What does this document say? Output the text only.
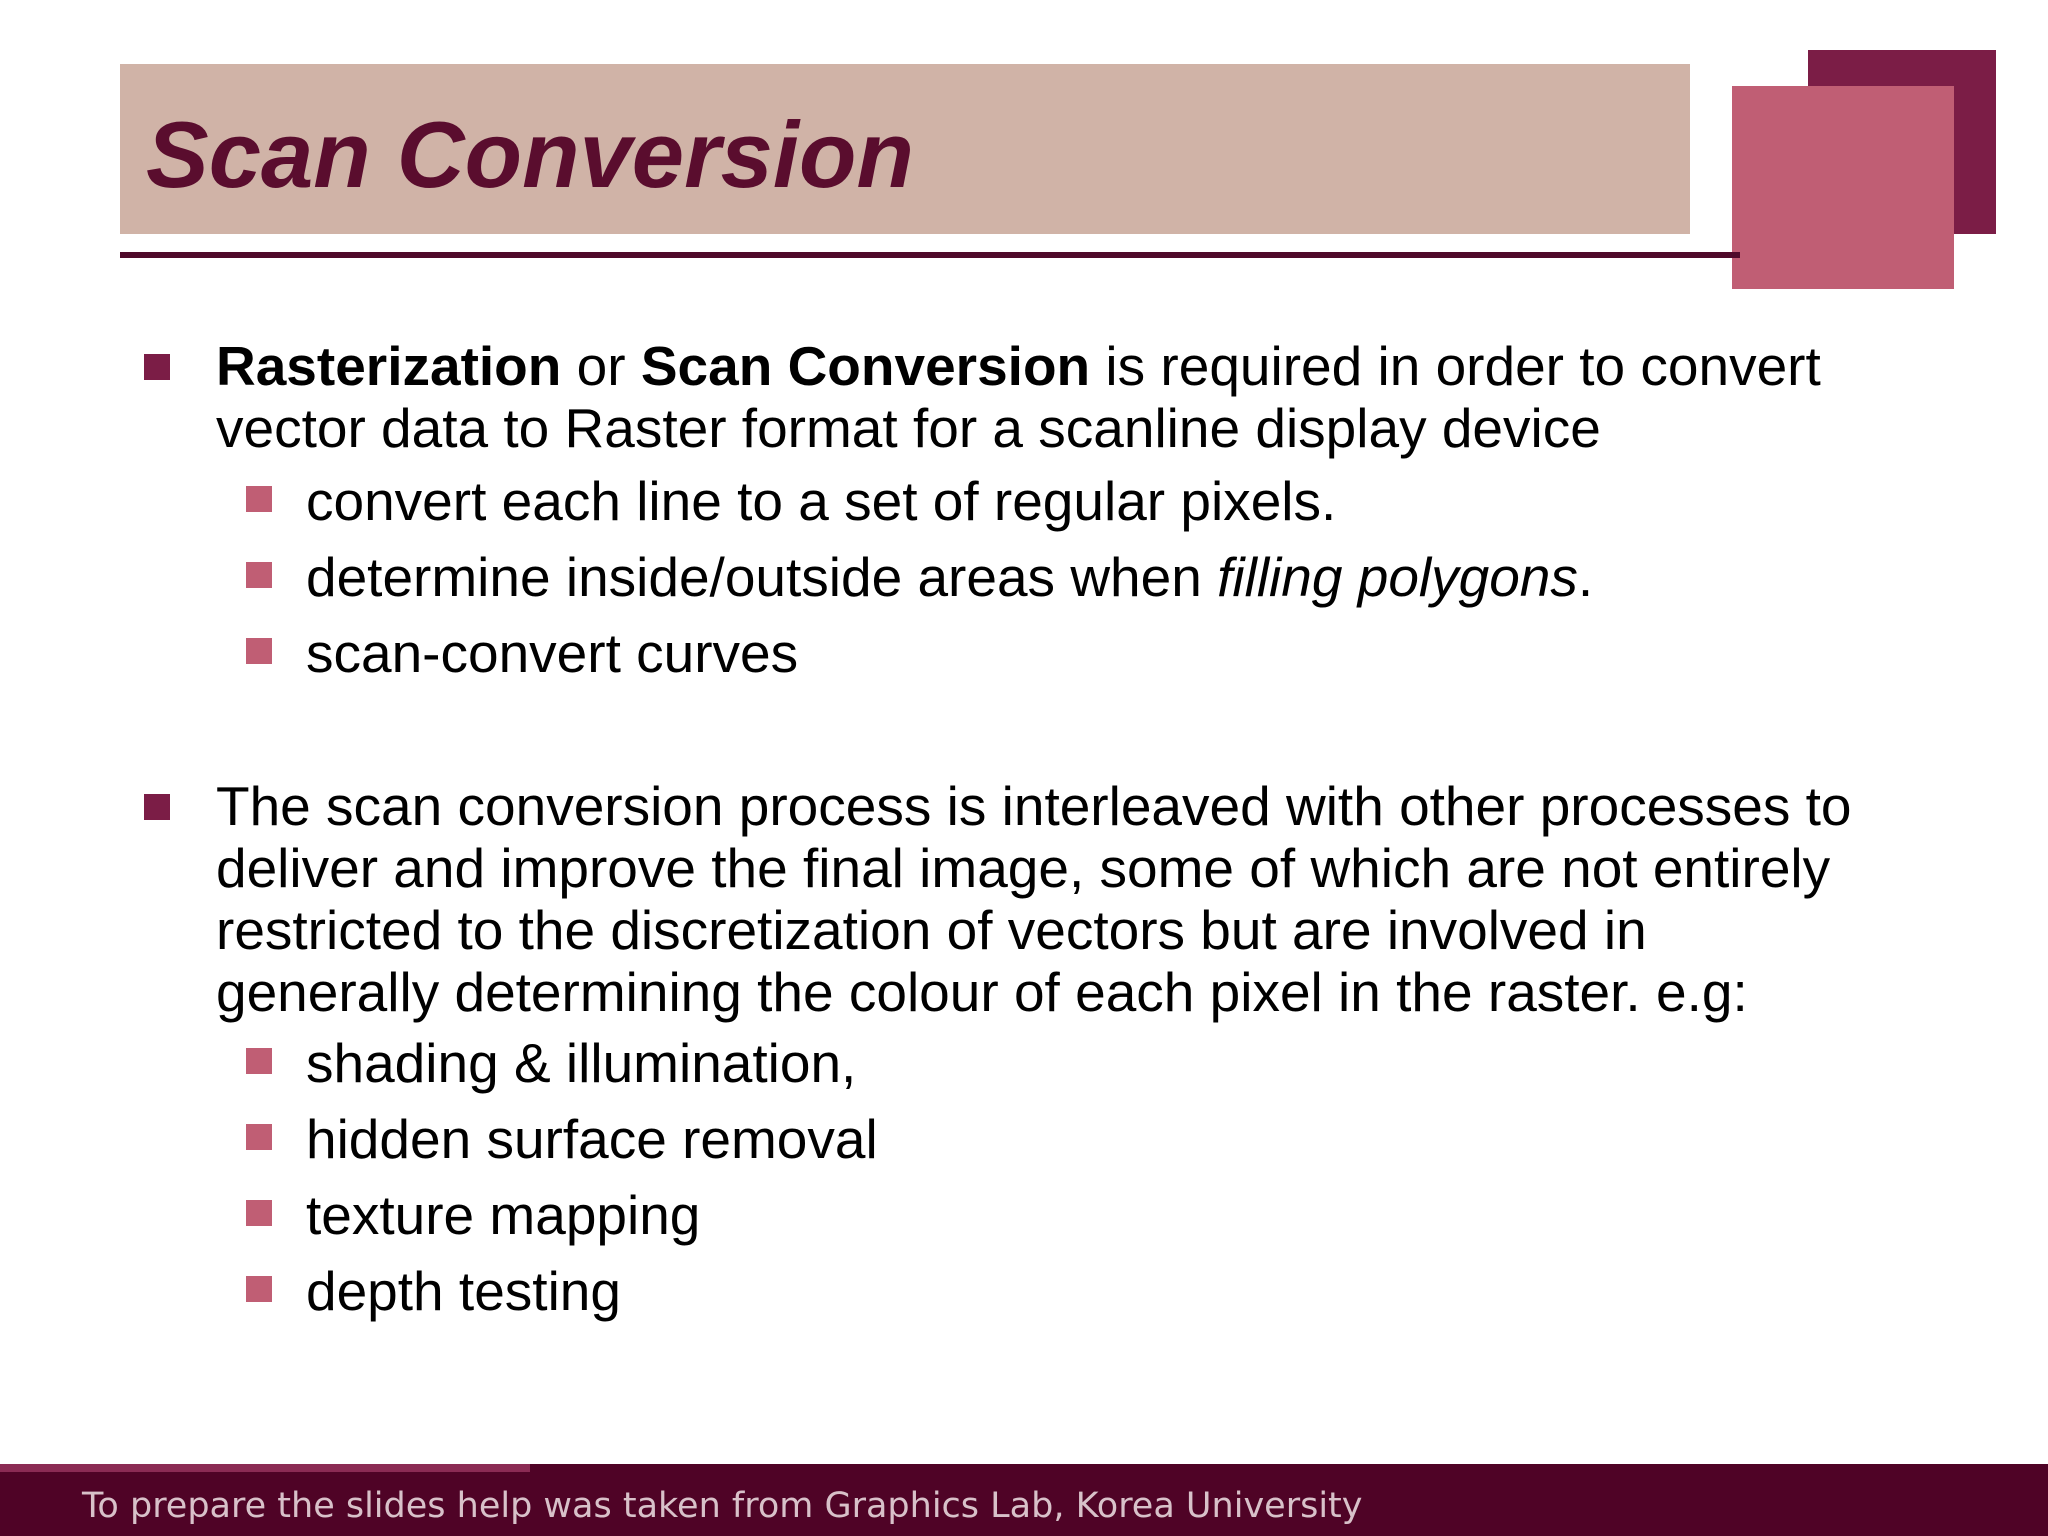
Scan Conversion
Rasterization or Scan Conversion is required in order to convert
vector data to Raster format for a scanline display device
convert each line to a set of regular pixels.
determine inside/outside areas when filling polygons.
scan-convert curves
The scan conversion process is interleaved with other processes to
deliver and improve the final image, some of which are not entirely
restricted to the discretization of vectors but are involved in
generally determining the colour of each pixel in the raster. e.g:
shading & illumination,
hidden surface removal
texture mapping
depth testing
To prepare the slides help was taken from Graphics Lab, Korea University
